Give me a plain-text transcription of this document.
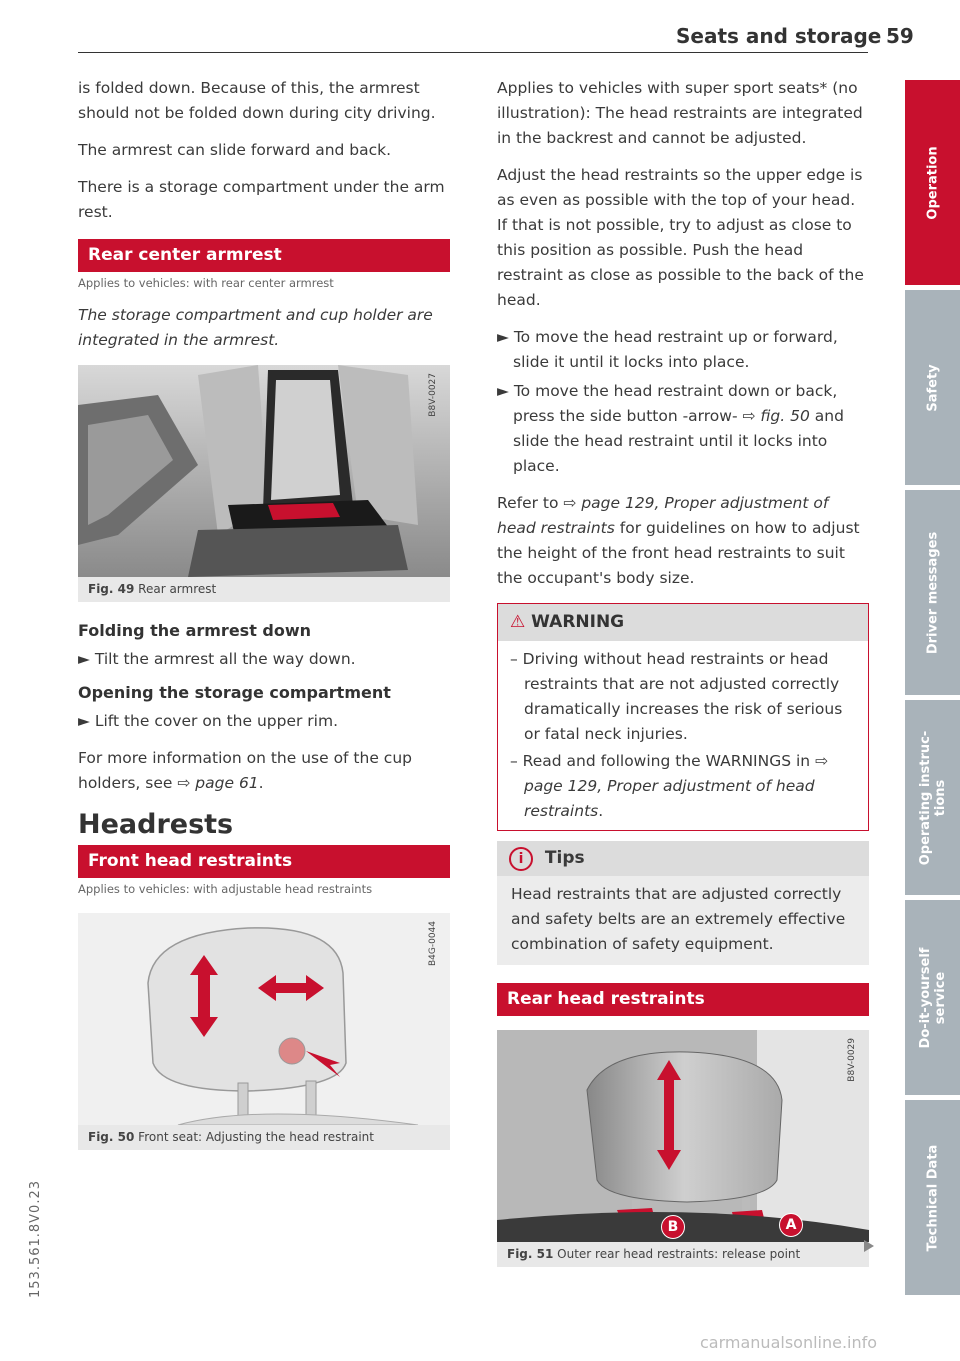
Seats and storage 59

is folded down. Because of this, the armrest should not be folded down during city driving.

The armrest can slide forward and back.

There is a storage compartment under the arm rest.

Rear center armrest
Applies to vehicles: with rear center armrest

The storage compartment and cup holder are integrated in the armrest.

B8V-0027
Fig. 49 Rear armrest
Folding the armrest down
► Tilt the armrest all the way down.
Opening the storage compartment
► Lift the cover on the upper rim.

For more information on the use of the cup holders, see ⇨ page 61.

Headrests
Front head restraints
Applies to vehicles: with adjustable head restraints
B4G-0044
Fig. 50 Front seat: Adjusting the head restraint

Applies to vehicles with super sport seats* (no illustration): The head restraints are integrated in the backrest and cannot be adjusted.

Adjust the head restraints so the upper edge is as even as possible with the top of your head. If that is not possible, try to adjust as close to this position as possible. Push the head restraint as close as possible to the back of the head.

► To move the head restraint up or forward, slide it until it locks into place.
► To move the head restraint down or back, press the side button -arrow- ⇨ fig. 50 and slide the head restraint until it locks into place.

Refer to ⇨ page 129, Proper adjustment of head restraints for guidelines on how to adjust the height of the front head restraints to suit the occupant's body size.

⚠ WARNING
– Driving without head restraints or head restraints that are not adjusted correctly dramatically increases the risk of serious or fatal neck injuries.
– Read and following the WARNINGS in ⇨ page 129, Proper adjustment of head restraints.
i Tips
Head restraints that are adjusted correctly and safety belts are an extremely effective combination of safety equipment.
Rear head restraints
B	A
B8V-0029
Fig. 51 Outer rear head restraints: release point
Operation
Safety
Driver messages
Operating instruc-
tions
Do-it-yourself
service
Technical Data
153.561.8V0.23
carmanualsonline.info
